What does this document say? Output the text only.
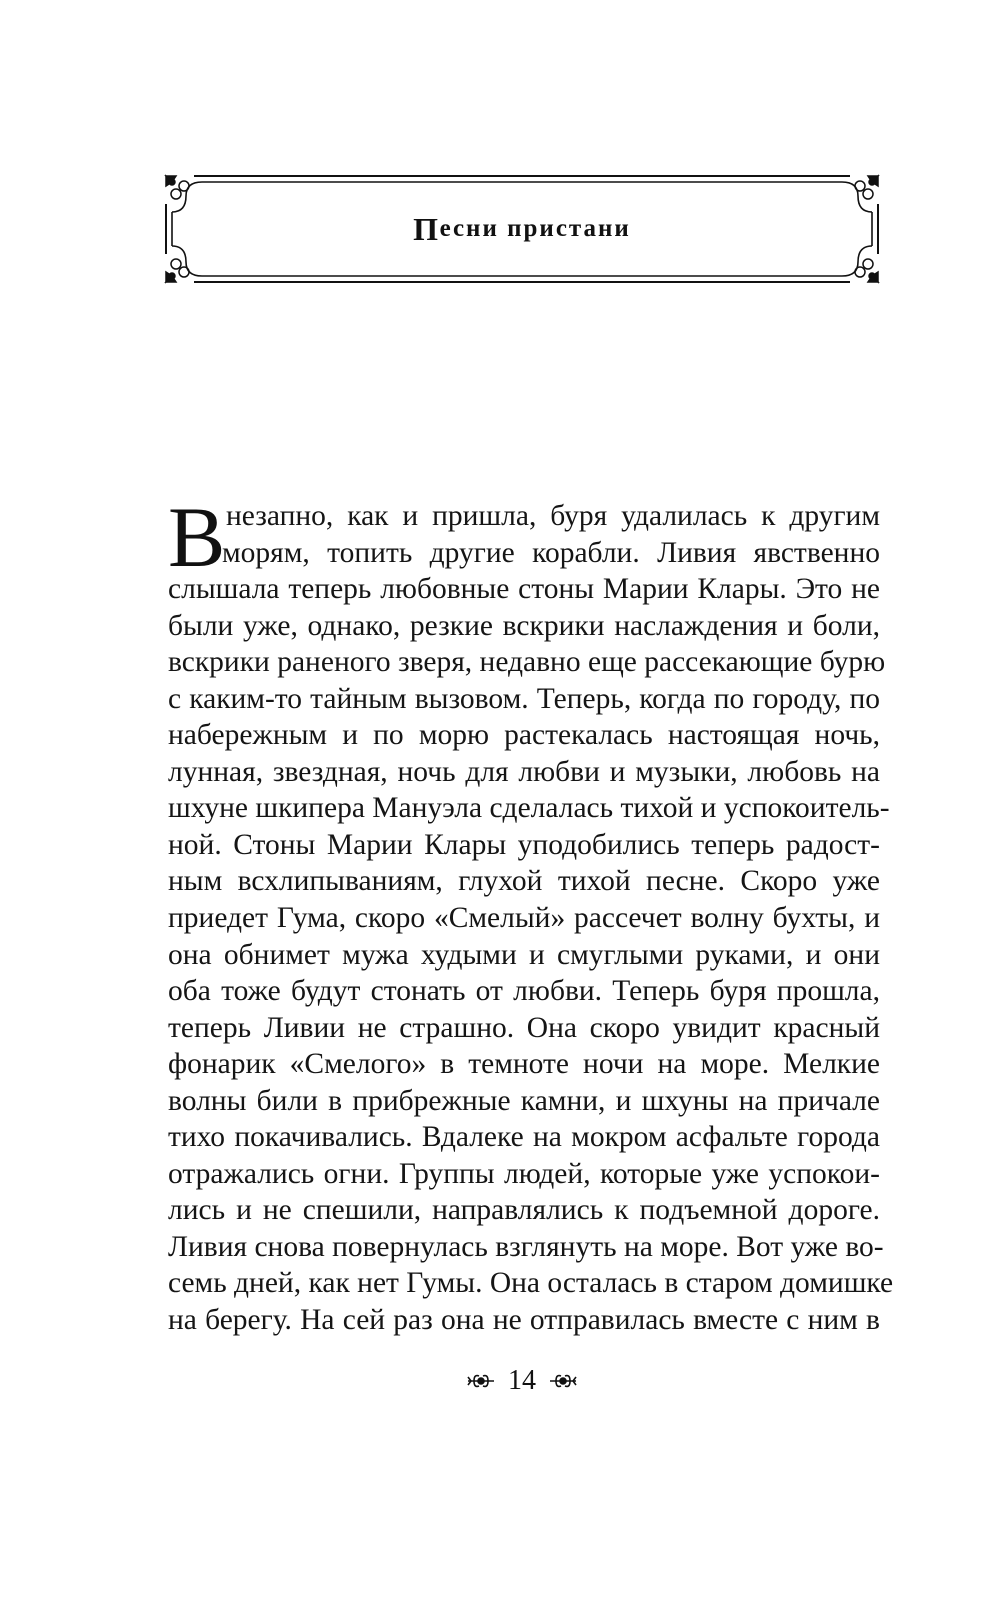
П есни пристани
В незапно, как и пришла, буря удалилась к другим
морям, топить другие корабли. Ливия явственно
слышала теперь любовные стоны Марии Клары. Это не
были уже, однако, резкие вскрики наслаждения и боли,
вскрики раненого зверя, недавно еще рассекающие бурю
с каким-то тайным вызовом. Теперь, когда по городу, по
набережным и по морю растекалась настоящая ночь,
лунная, звездная, ночь для любви и музыки, любовь на
шхуне шкипера Мануэла сделалась тихой и успокоитель-
ной. Стоны Марии Клары уподобились теперь радост-
ным всхлипываниям, глухой тихой песне. Скоро уже
приедет Гума, скоро «Смелый» рассечет волну бухты, и
она обнимет мужа худыми и смуглыми руками, и они
оба тоже будут стонать от любви. Теперь буря прошла,
теперь Ливии не страшно. Она скоро увидит красный
фонарик «Смелого» в темноте ночи на море. Мелкие
волны били в прибрежные камни, и шхуны на причале
тихо покачивались. Вдалеке на мокром асфальте города
отражались огни. Группы людей, которые уже успокои-
лись и не спешили, направлялись к подъемной дороге.
Ливия снова повернулась взглянуть на море. Вот уже во-
семь дней, как нет Гумы. Она осталась в старом домишке
на берегу. На сей раз она не отправилась вместе с ним в
14
